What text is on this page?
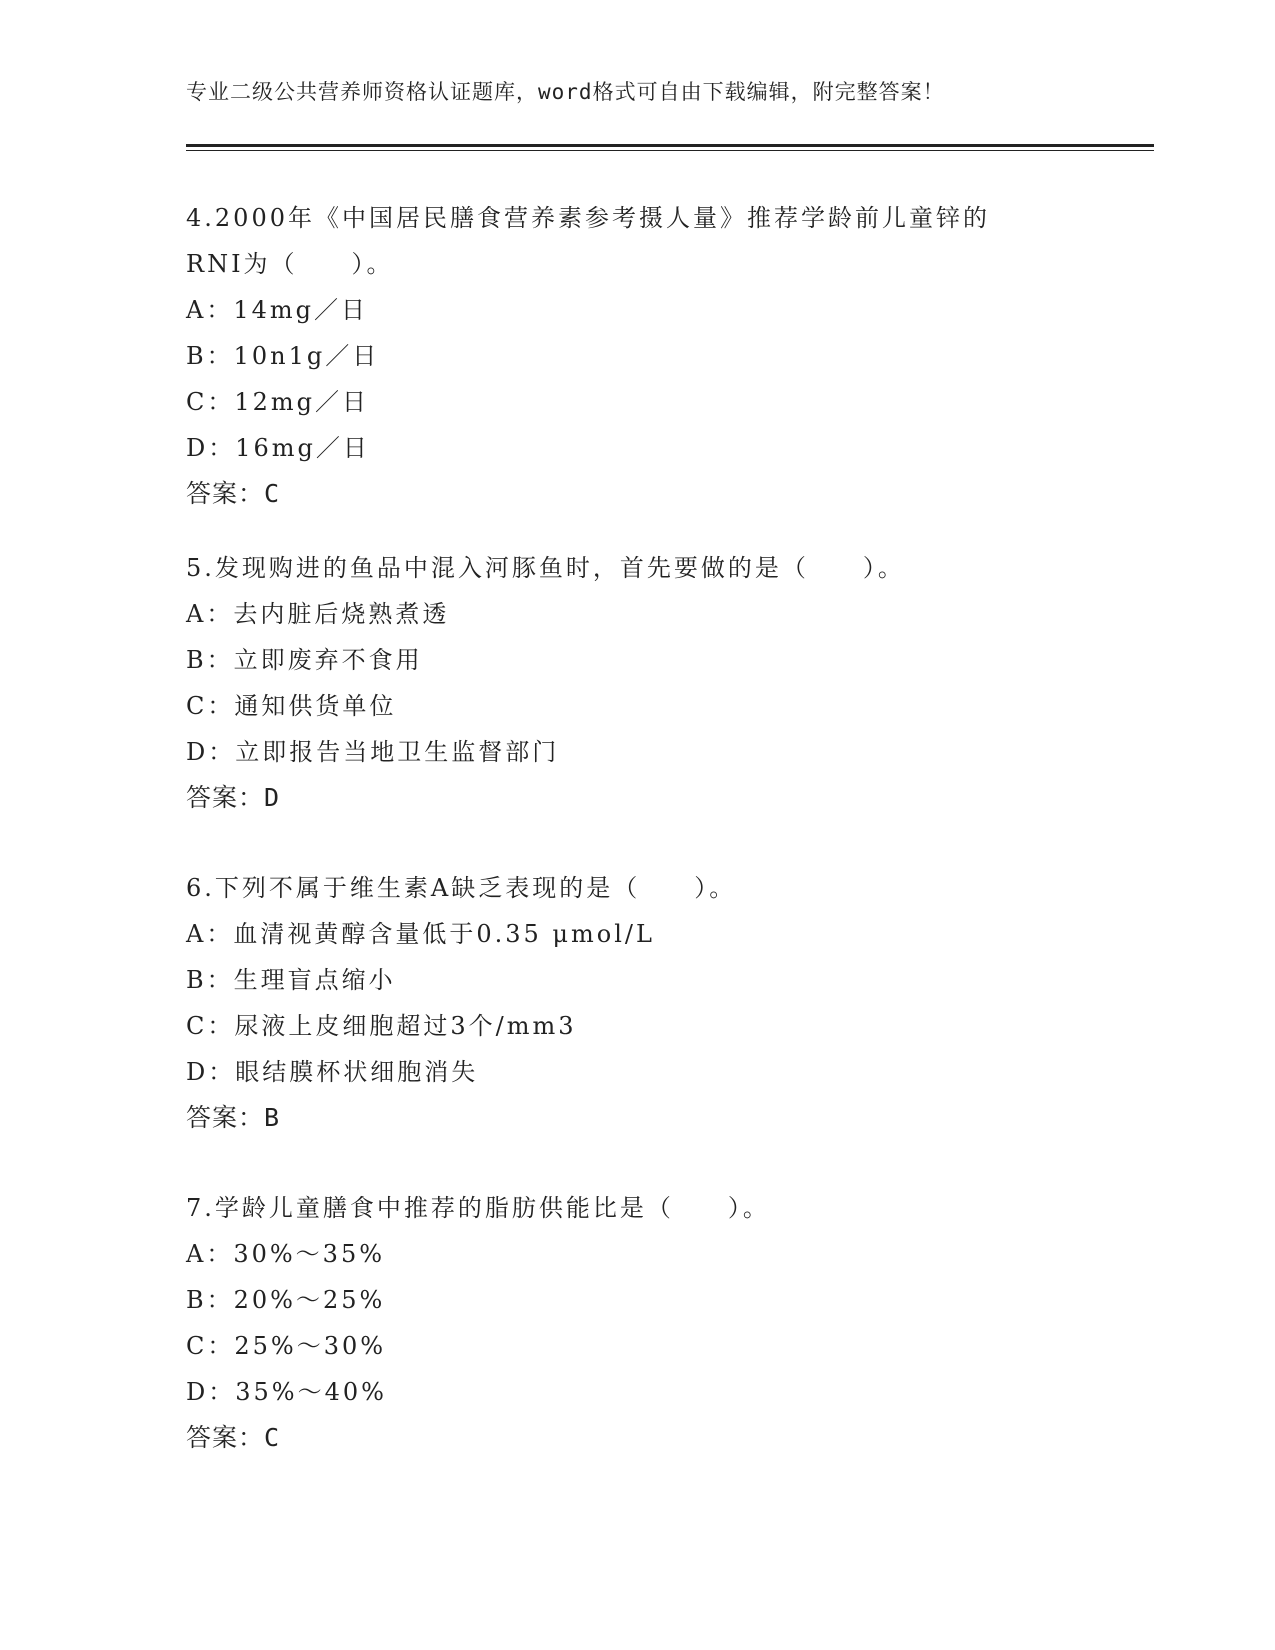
专业二级公共营养师资格认证题库，word格式可自由下载编辑，附完整答案！
4.2000年《中国居民膳食营养素参考摄人量》推荐学龄前儿童锌的
RNI为（　　）。
A：14mg／日
B：10n1g／日
C：12mg／日
D：16mg／日
答案：C
5.发现购进的鱼品中混入河豚鱼时，首先要做的是（　　）。
A：去内脏后烧熟煮透
B：立即废弃不食用
C：通知供货单位
D：立即报告当地卫生监督部门
答案：D
6.下列不属于维生素A缺乏表现的是（　　）。
A：血清视黄醇含量低于0.35 μmol/L
B：生理盲点缩小
C：尿液上皮细胞超过3个/mm3
D：眼结膜杯状细胞消失
答案：B
7.学龄儿童膳食中推荐的脂肪供能比是（　　）。
A：30%～35%
B：20%～25%
C：25%～30%
D：35%～40%
答案：C
